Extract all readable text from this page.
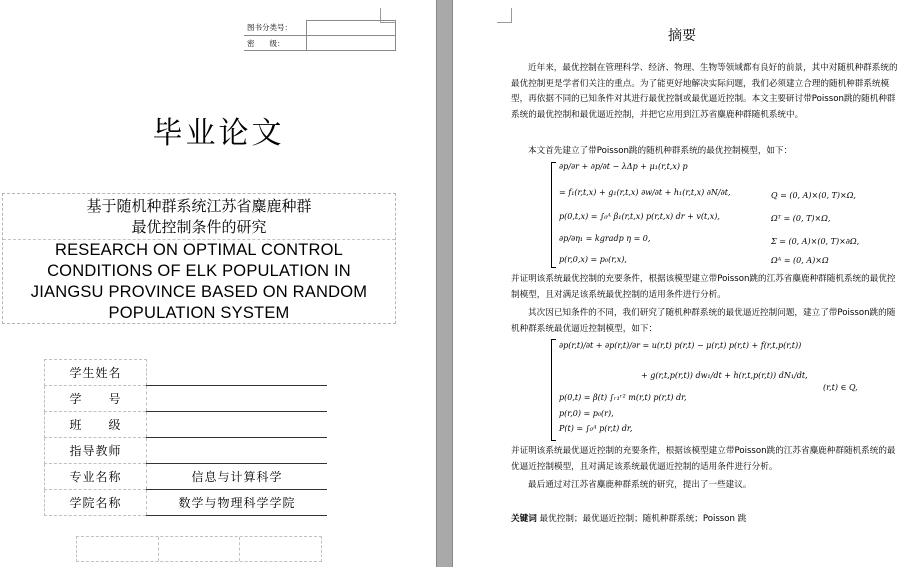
图书分类号：	
密　　级：	
毕业论文
基于随机种群系统江苏省麋鹿种群
最优控制条件的研究
RESEARCH ON OPTIMAL CONTROL
CONDITIONS OF ELK POPULATION IN
JIANGSU PROVINCE BASED ON RANDOM
POPULATION SYSTEM
学生姓名	
学　　号	
班　　级	
指导教师	
专业名称	信息与计算科学
学院名称	数学与物理科学学院
摘要

近年来，最优控制在管理科学、经济、物理、生物等领域都有良好的前景，其中对随机种群系统的最优控制更是学者们关注的重点。为了能更好地解决实际问题，我们必须建立合理的随机种群系统模型，再依据不同的已知条件对其进行最优控制或最优逼近控制。本文主要研讨带Poisson跳的随机种群系统的最优控制和最优逼近控制，并把它应用到江苏省麋鹿种群随机系统中。

本文首先建立了带Poisson跳的随机种群系统的最优控制模型，如下：

∂p/∂r + ∂p/∂t − λΔp + μ₁(r,t,x) p
= f₁(r,t,x) + g₁(r,t,x) ∂w/∂t + h₁(r,t,x) ∂N/∂t,	Q = (0, A)×(0, T)×Ω,
p(0,t,x) = ∫₀ᴬ β₁(r,t,x) p(r,t,x) dr + v(t,x),	Ωᵀ = (0, T)×Ω,
∂p/∂η₁ = kgradp η = 0,	Σ = (0, A)×(0, T)×∂Ω,
p(r,0,x) = p₀(r,x),	Ωᴬ = (0, A)×Ω

并证明该系统最优控制的充要条件，根据该模型建立带Poisson跳的江苏省麋鹿种群随机系统的最优控制模型，且对满足该系统最优控制的适用条件进行分析。

其次因已知条件的不同，我们研究了随机种群系统的最优逼近控制问题，建立了带Poisson跳的随机种群系统最优逼近控制模型，如下：

∂p(r,t)/∂t + ∂p(r,t)/∂r = u(r,t) p(r,t) − μ(r,t) p(r,t) + f(r,t,p(r,t))
+ g(r,t,p(r,t)) dw₁/dt + h(r,t,p(r,t)) dN₁/dt,
(r,t) ∈ Q,
p(0,t) = β(t) ∫ᵣ₁ʳ² m(r,t) p(r,t) dr,
p(r,0) = p₀(r),
P(t) = ∫₀ᴬ p(r,t) dr,

并证明该系统最优逼近控制的充要条件，根据该模型建立带Poisson跳的江苏省麋鹿种群随机系统的最优逼近控制模型，且对满足该系统最优逼近控制的适用条件进行分析。

最后通过对江苏省麋鹿种群系统的研究，提出了一些建议。

关键词 最优控制；最优逼近控制；随机种群系统；Poisson 跳
